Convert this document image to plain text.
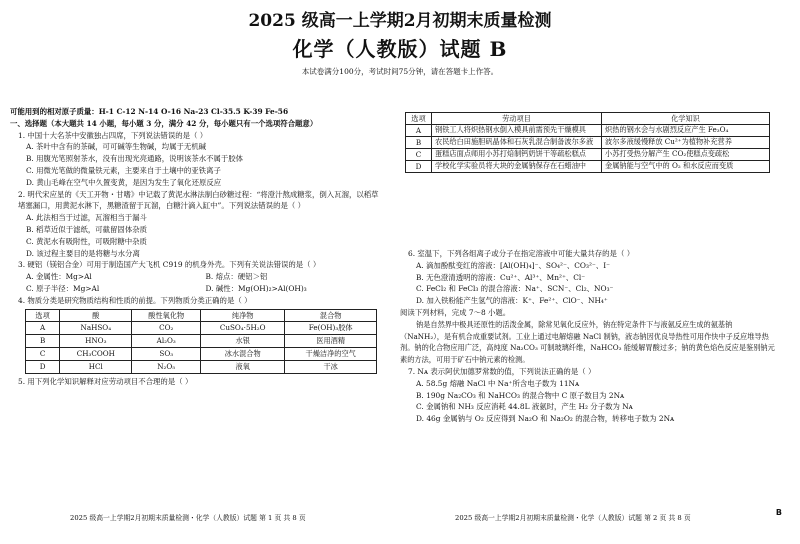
2025 级高一上学期2月初期末质量检测
化学（人教版）试题 B
本试卷满分100分，考试时间75分钟，请在答题卡上作答。
可能用到的相对原子质量：H-1 C-12 N-14 O-16 Na-23 Cl-35.5 K-39 Fe-56
一、选择题（本大题共 14 小题，每小题 3 分，满分 42 分，每小题只有一个选项符合题意）
1. 中国十大名茶中安徽独占四席，下列说法错误的是（ ）
A. 茶叶中含有的茶碱，可可碱等生物碱，均属于无机碱
B. 用腹光笔照射茶水，没有出现光亮通路，说明该茶水不属于胶体
C. 用微光笔做的微量铁元素，主要来自于土壤中的亚铁离子
D. 黄山毛峰在空气中久置变黄，是因为发生了氧化还原反应
2. 明代宋应星的《天工开物・甘嗜》中记载了黄泥水淋法制白砂糖过程：“将澄汁熬成糖浆，倒入瓦溜，以稻草堵塞漏口，用黄泥水淋下，黑糖渣留于瓦溜，白糖汁滴入缸中”。下列说法错误的是（ ）
A. 此法相当于过滤，瓦溜相当于漏斗
B. 稻草近似于滤纸，可截留固体杂质
C. 黄泥水有吸附性，可吸附糖中杂质
D. 该过程主要目的是将糖与水分离
3. 硬铝（镁铝合金）可用于制造国产大飞机 C919 的机身外壳。下列有关说法错误的是（ ）
A. 金属性：Mg>Al	B. 熔点：硬铝＞铝
C. 原子半径：Mg>Al	D. 碱性：Mg(OH)₂>Al(OH)₃
4. 物质分类是研究物质结构和性质的前提。下列物质分类正确的是（ ）
选项	酸	酸性氧化物	纯净物	混合物
A	NaHSO₄	CO₂	CuSO₄·5H₂O	Fe(OH)₃胶体
B	HNO₃	Al₂O₃	水银	医用酒精
C	CH₃COOH	SO₃	冰水混合物	干燥洁净的空气
D	HCl	N₂O₅	液氧	干冰
5. 用下列化学知识解释对应劳动项目不合理的是（ ）
选项	劳动项目	化学知识
A	钢铁工人将炽热钢水倒入模具前需预先干燥模具	炽热的钢水会与水剧烈反应产生 Fe₃O₄
B	农民给白田施胆矾晶体和石灰乳混合制备波尔多液	波尔多液缓慢释放 Cu²⁺为植物补充营养
C	蛋糕店面点师用小苏打焙制钙奶饼干等疏松糕点	小苏打受热分解产生 CO₂使糕点变疏松
D	学校化学实验员将大块的金属钠保存在石蜡油中	金属钠能与空气中的 O₂ 和水反应而变质
6. 室温下，下列各组离子或分子在指定溶液中可能大量共存的是（ ）
A. 滴加酚酞变红的溶液：[Al(OH)₄]⁻、SO₄²⁻、CO₃²⁻、I⁻
B. 无色澄清透明的溶液：Cu²⁺、Al³⁺、Mn²⁺、Cl⁻
C. FeCl₂ 和 FeCl₃ 的混合溶液：Na⁺、SCN⁻、Cl₂、NO₃⁻
D. 加入铁粉能产生氢气的溶液：K⁺、Fe²⁺、ClO⁻、NH₄⁺
阅读下列材料，完成 7～8 小题。
钠是自然界中极具还原性的活泼金属，除常见氧化反应外，钠在特定条件下与液氨反应生成的氨基钠（NaNH₂），是有机合成重要试剂。工业上通过电解熔融 NaCl 制钠，液态钠因优良导热性可用作快中子反应堆导热剂。钠的化合物应用广泛，高纯度 Na₂CO₃ 可制玻璃纤维，NaHCO₃ 能缓解胃酸过多；钠的黄色焰色反应是鉴别钠元素的方法，可用于矿石中钠元素的检测。
7. Nᴀ 表示阿伏加德罗常数的值，下列说法正确的是（ ）
A. 58.5g 熔融 NaCl 中 Na⁺所含电子数为 11Nᴀ
B. 190g Na₂CO₃ 和 NaHCO₃ 的混合物中 C 原子数目为 2Nᴀ
C. 金属钠和 NH₃ 反应消耗 44.8L 液氨时，产生 H₂ 分子数为 Nᴀ
D. 46g 金属钠与 O₂ 反应得到 Na₂O 和 Na₂O₂ 的混合物，转移电子数为 2Nᴀ
2025 级高一上学期2月初期末质量检测・化学（人教版）试题 第 1 页 共 8 页	2025 级高一上学期2月初期末质量检测・化学（人教版）试题 第 2 页 共 8 页
B
